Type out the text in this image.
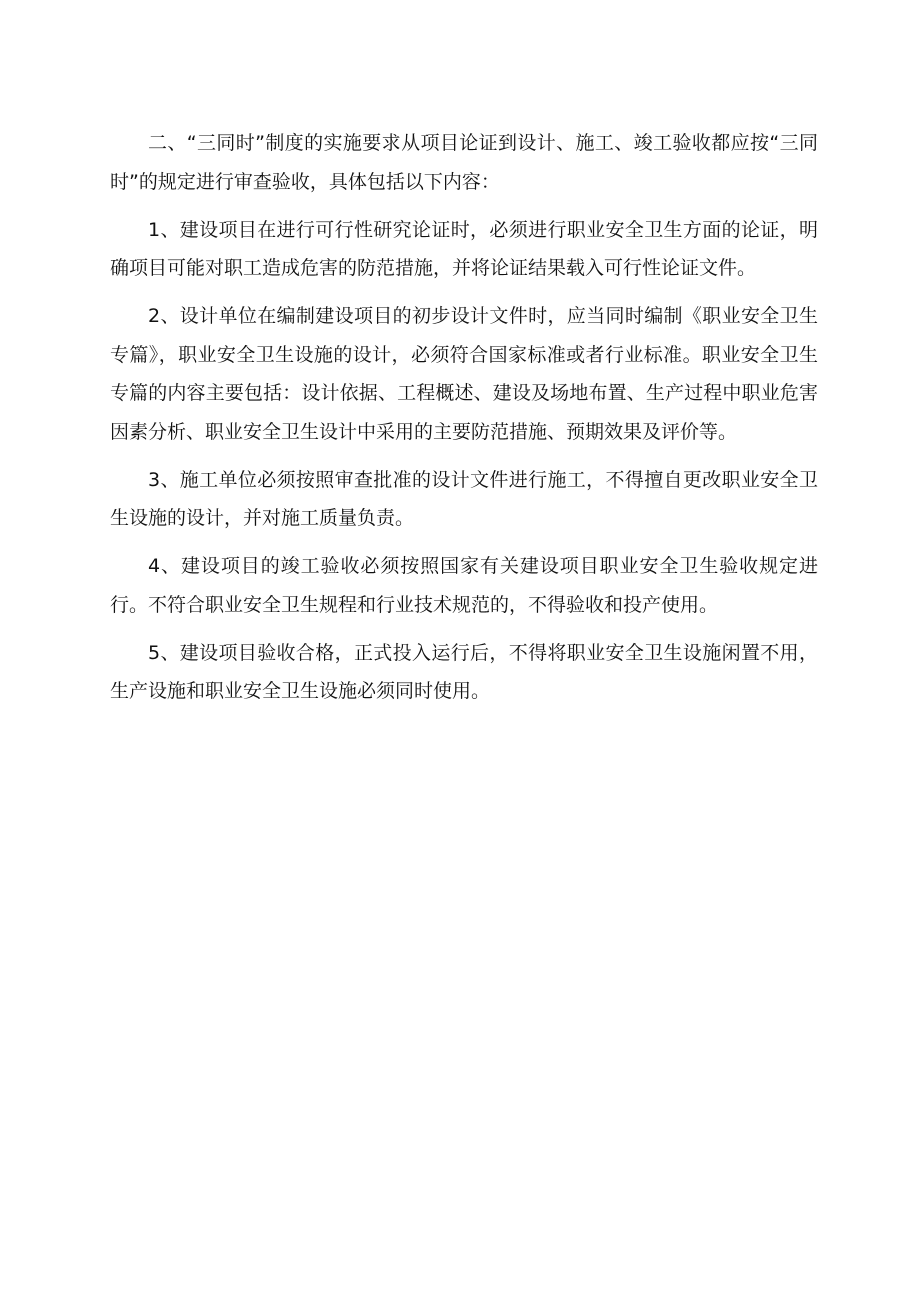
二、“三同时”制度的实施要求从项目论证到设计、施工、竣工验收都应按“三同时”的规定进行审查验收，具体包括以下内容：

1、建设项目在进行可行性研究论证时，必须进行职业安全卫生方面的论证，明确项目可能对职工造成危害的防范措施，并将论证结果载入可行性论证文件。

2、设计单位在编制建设项目的初步设计文件时，应当同时编制《职业安全卫生专篇》，职业安全卫生设施的设计，必须符合国家标准或者行业标准。职业安全卫生专篇的内容主要包括：设计依据、工程概述、建设及场地布置、生产过程中职业危害因素分析、职业安全卫生设计中采用的主要防范措施、预期效果及评价等。

3、施工单位必须按照审查批准的设计文件进行施工，不得擅自更改职业安全卫生设施的设计，并对施工质量负责。

4、建设项目的竣工验收必须按照国家有关建设项目职业安全卫生验收规定进行。不符合职业安全卫生规程和行业技术规范的，不得验收和投产使用。

5、建设项目验收合格，正式投入运行后，不得将职业安全卫生设施闲置不用，生产设施和职业安全卫生设施必须同时使用。
